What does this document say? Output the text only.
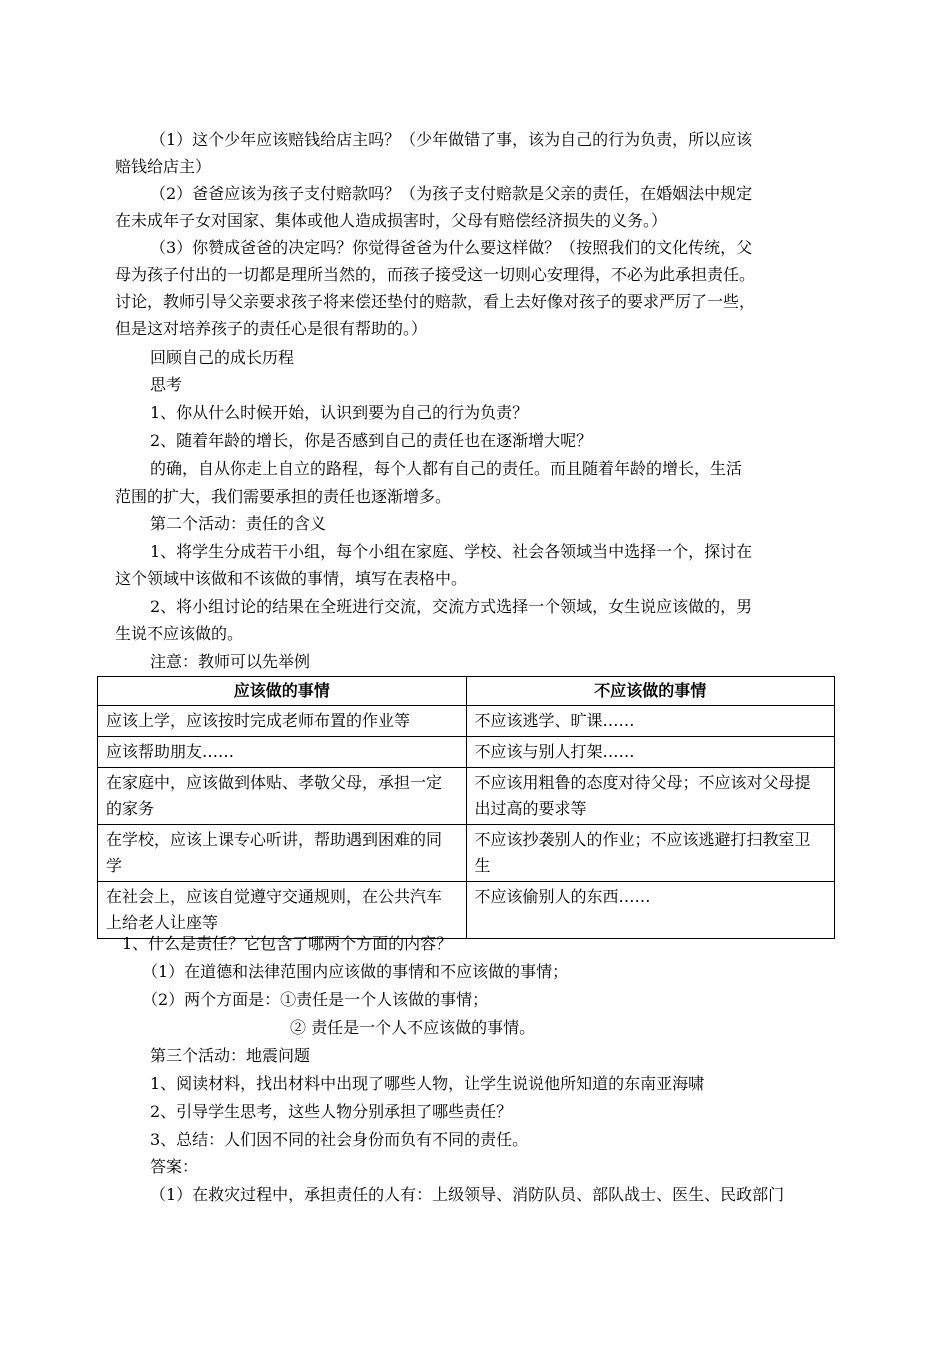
（1）这个少年应该赔钱给店主吗？（少年做错了事，该为自己的行为负责，所以应该
赔钱给店主）
（2）爸爸应该为孩子支付赔款吗？（为孩子支付赔款是父亲的责任，在婚姻法中规定
在未成年子女对国家、集体或他人造成损害时，父母有赔偿经济损失的义务。）
（3）你赞成爸爸的决定吗？你觉得爸爸为什么要这样做？（按照我们的文化传统，父
母为孩子付出的一切都是理所当然的，而孩子接受这一切则心安理得，不必为此承担责任。
讨论，教师引导父亲要求孩子将来偿还垫付的赔款，看上去好像对孩子的要求严厉了一些，
但是这对培养孩子的责任心是很有帮助的。）
回顾自己的成长历程
思考
1、你从什么时候开始，认识到要为自己的行为负责？
2、随着年龄的增长，你是否感到自己的责任也在逐渐增大呢？
的确，自从你走上自立的路程，每个人都有自己的责任。而且随着年龄的增长，生活
范围的扩大，我们需要承担的责任也逐渐增多。
第二个活动：责任的含义
1、将学生分成若干小组，每个小组在家庭、学校、社会各领域当中选择一个，探讨在
这个领域中该做和不该做的事情，填写在表格中。
2、将小组讨论的结果在全班进行交流，交流方式选择一个领域，女生说应该做的，男
生说不应该做的。
注意：教师可以先举例
应该做的事情	不应该做的事情
应该上学，应该按时完成老师布置的作业等	不应该逃学、旷课……
应该帮助朋友……	不应该与别人打架……
在家庭中，应该做到体贴、孝敬父母，承担一定的家务	不应该用粗鲁的态度对待父母；不应该对父母提出过高的要求等
在学校，应该上课专心听讲，帮助遇到困难的同学	不应该抄袭别人的作业；不应该逃避打扫教室卫生
在社会上，应该自觉遵守交通规则，在公共汽车上给老人让座等	不应该偷别人的东西……
1、什么是责任？它包含了哪两个方面的内容？
（1）在道德和法律范围内应该做的事情和不应该做的事情；
（2）两个方面是：①责任是一个人该做的事情；
② 责任是一个人不应该做的事情。
第三个活动：地震问题
1、阅读材料，找出材料中出现了哪些人物，让学生说说他所知道的东南亚海啸
2、引导学生思考，这些人物分别承担了哪些责任？
3、总结：人们因不同的社会身份而负有不同的责任。
答案：
（1）在救灾过程中，承担责任的人有：上级领导、消防队员、部队战士、医生、民政部门
